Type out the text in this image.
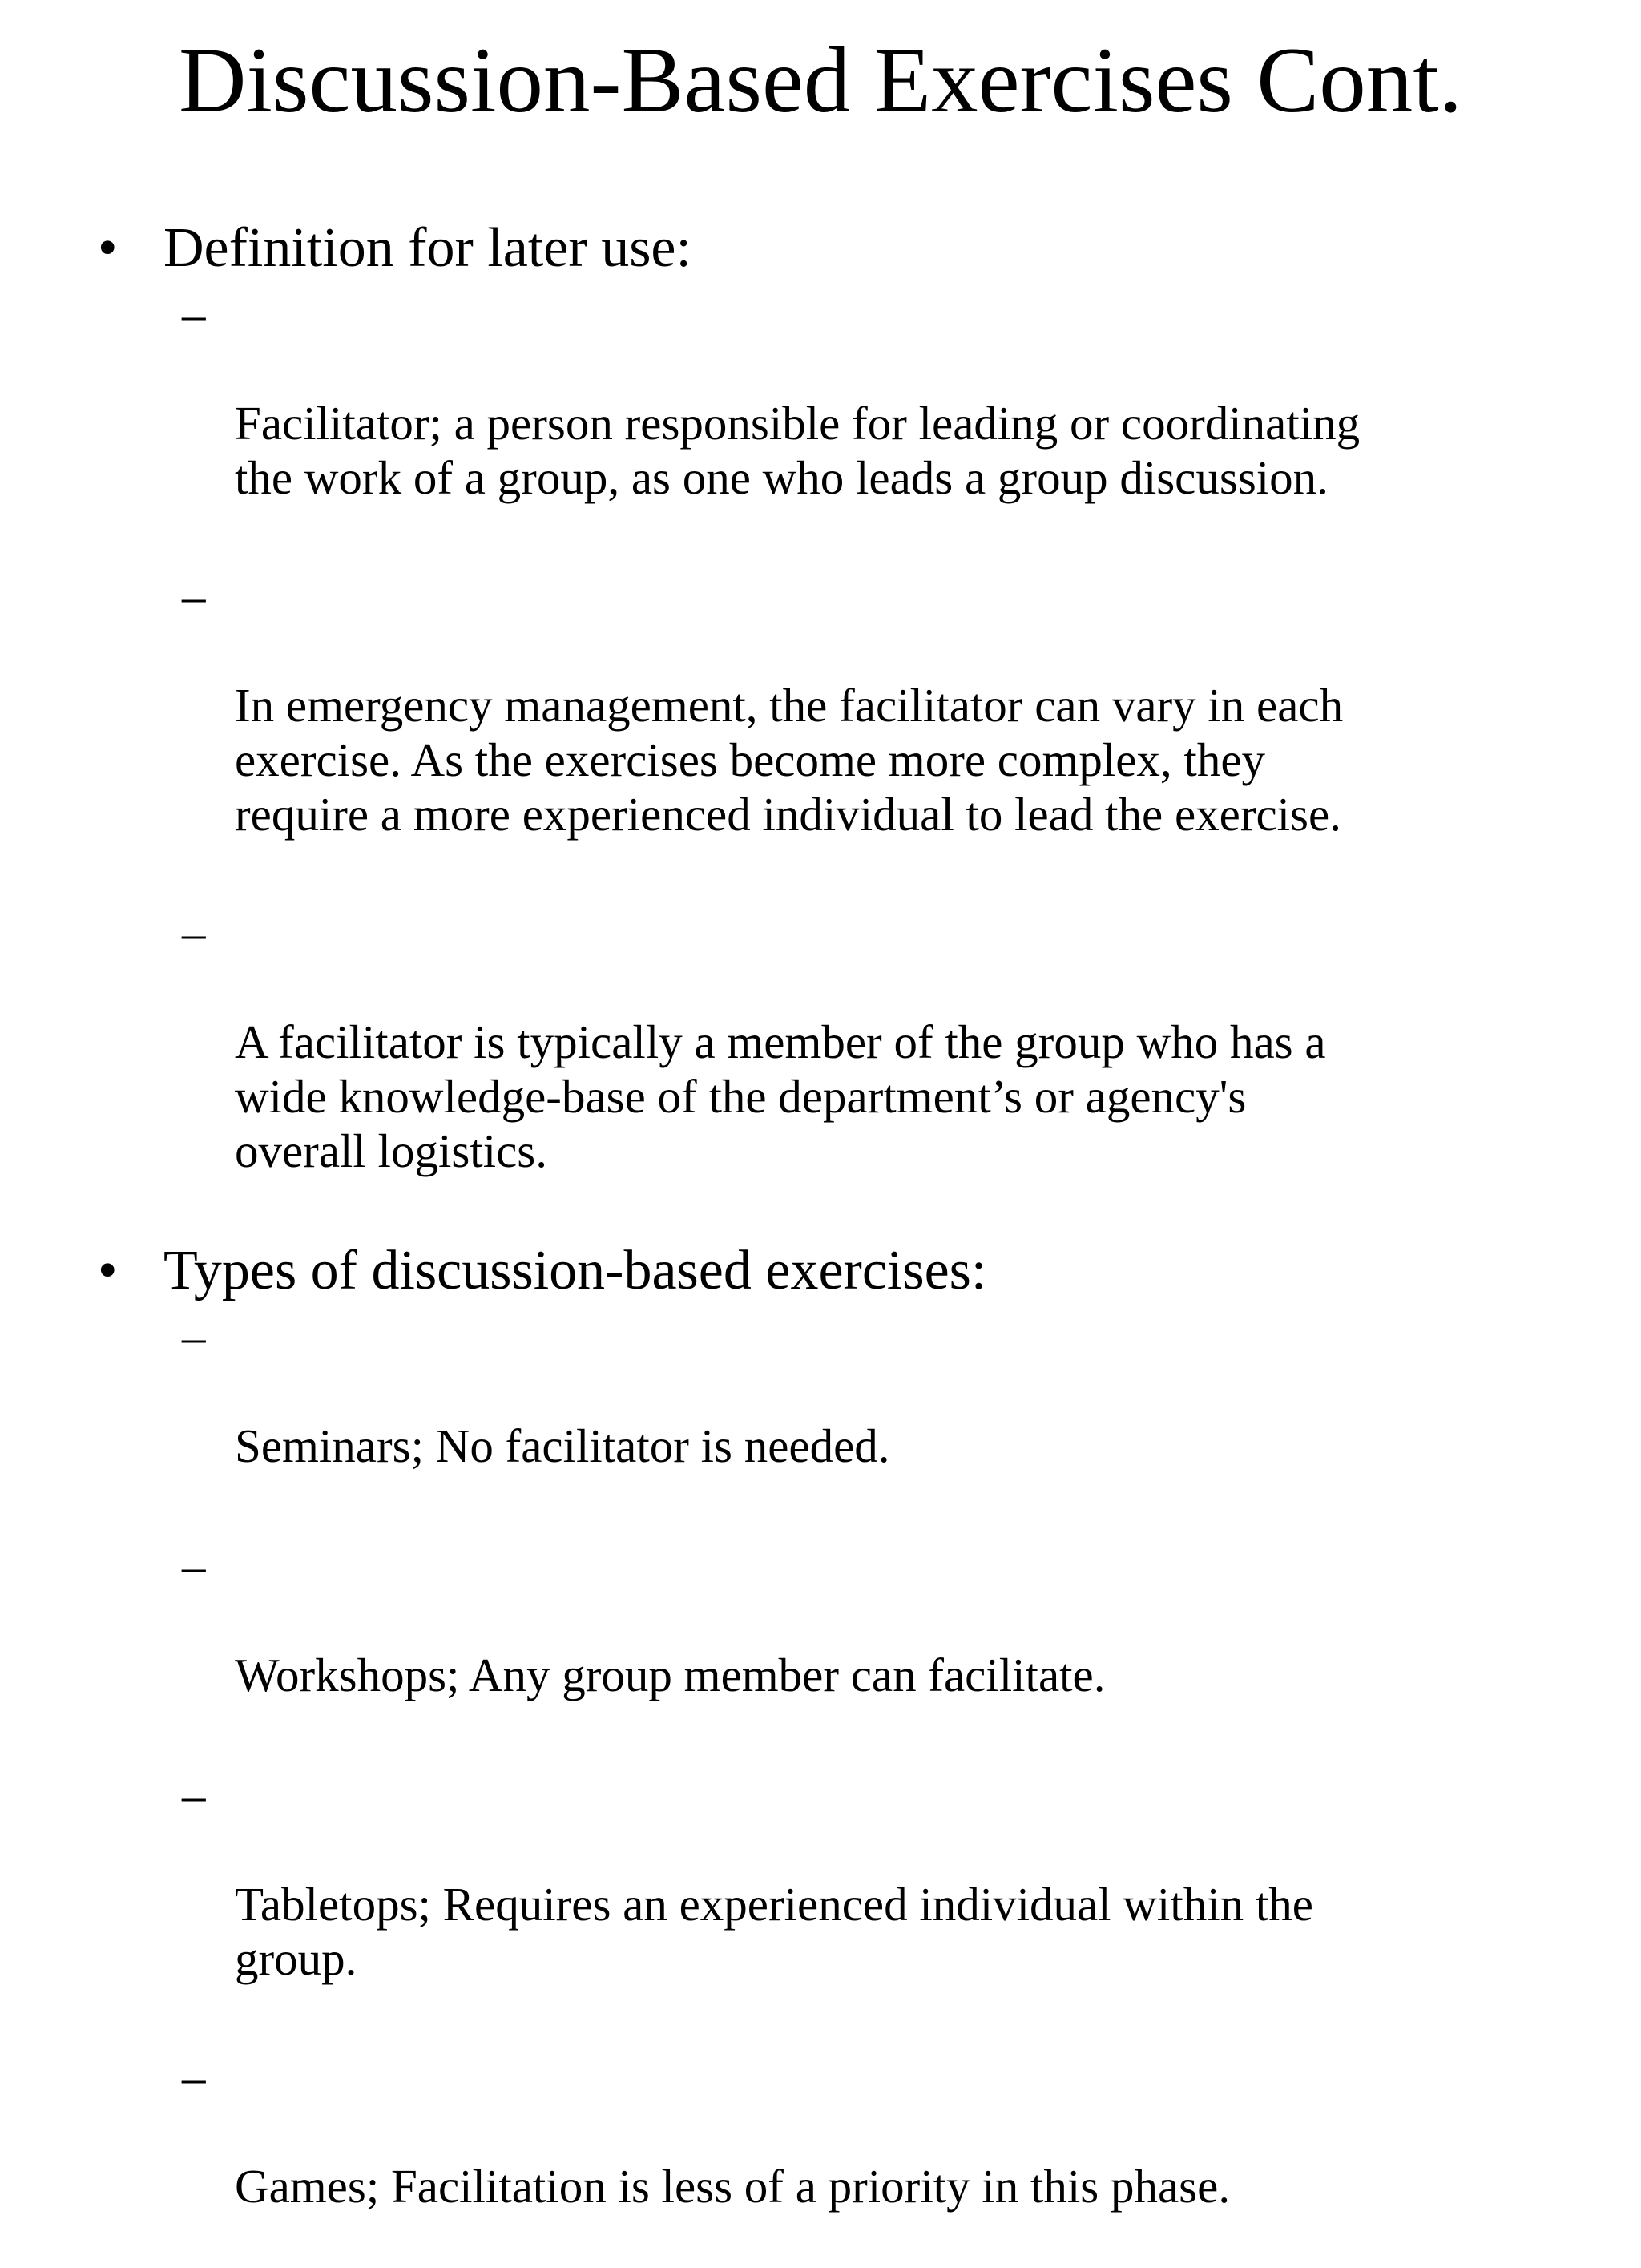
Discussion-Based Exercises Cont.
• Definition for later use:

–

Facilitator; a person responsible for leading or coordinating
the work of a group, as one who leads a group discussion.

–

In emergency management, the facilitator can vary in each
exercise. As the exercises become more complex, they
require a more experienced individual to lead the exercise.

–

A facilitator is typically a member of the group who has a
wide knowledge-base of the department’s or agency's
overall logistics.

• Types of discussion-based exercises:

–

Seminars; No facilitator is needed.

–

Workshops; Any group member can facilitate.

–

Tabletops; Requires an experienced individual within the
group.

–

Games; Facilitation is less of a priority in this phase.
